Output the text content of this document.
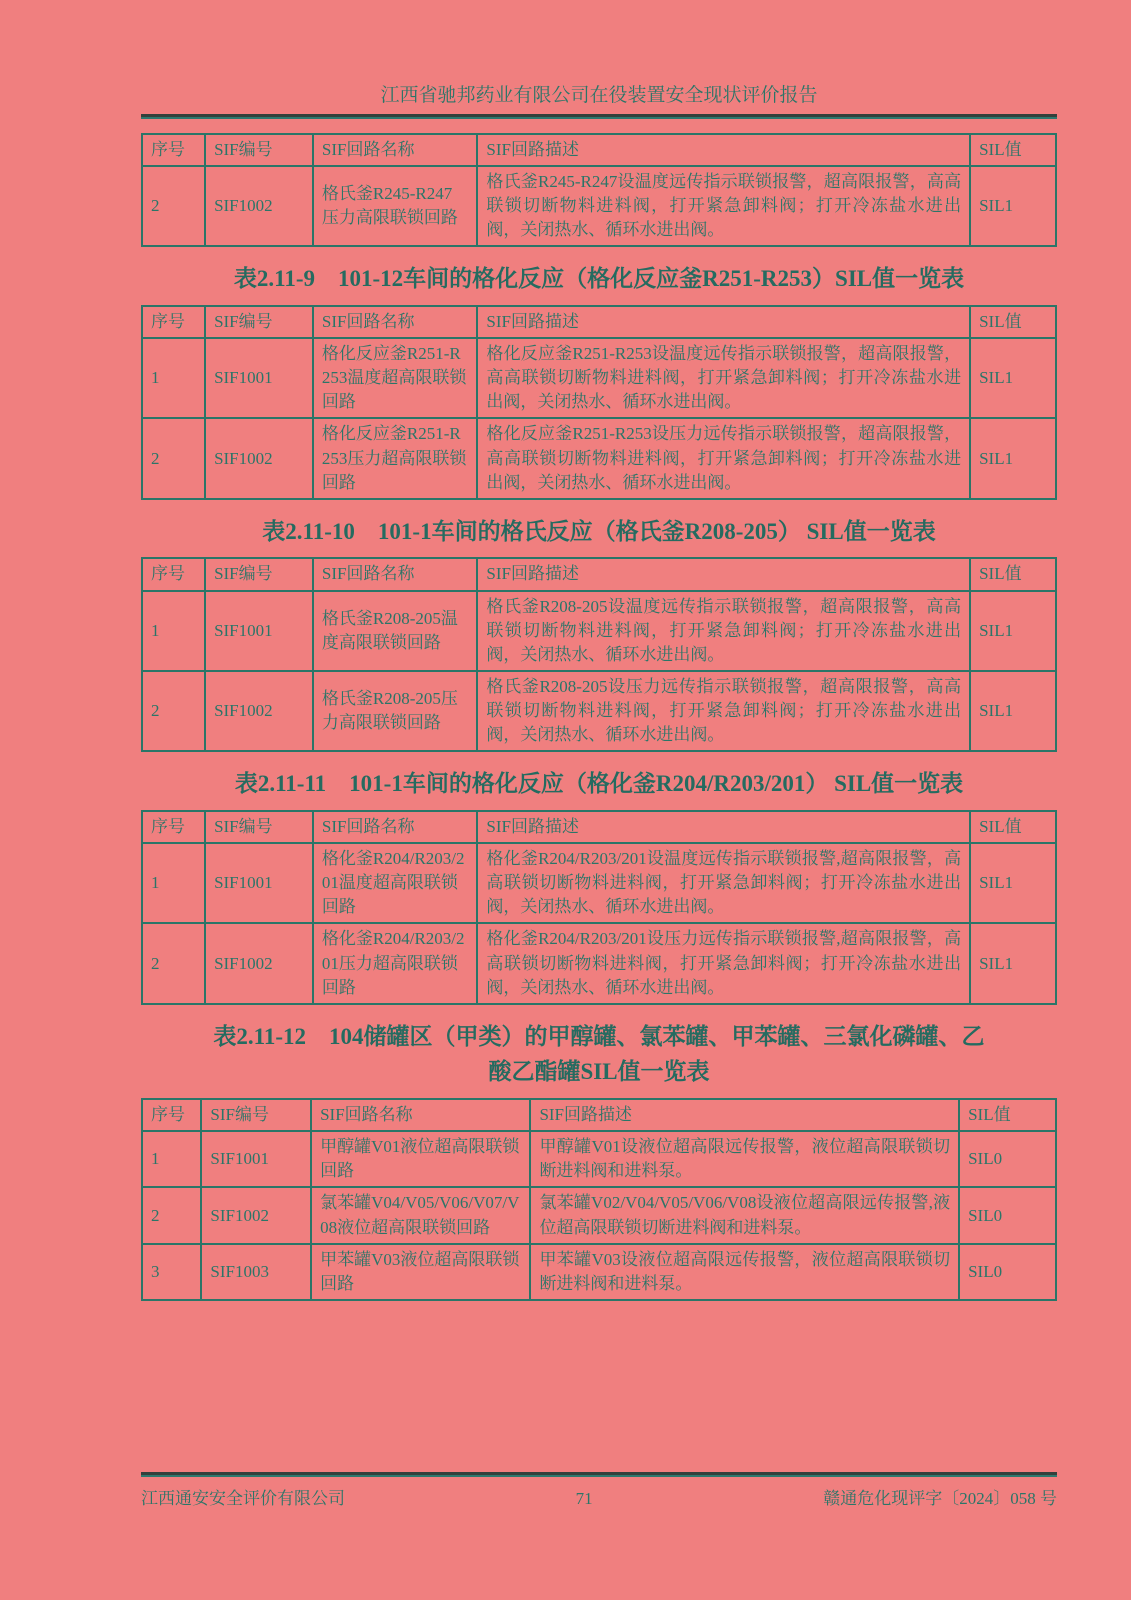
江西省驰邦药业有限公司在役装置安全现状评价报告
序号	SIF编号	SIF回路名称	SIF回路描述	SIL值
2	SIF1002	格氏釜R245-R247压力高限联锁回路	格氏釜R245-R247设温度远传指示联锁报警，超高限报警，高高联锁切断物料进料阀，打开紧急卸料阀；打开冷冻盐水进出阀，关闭热水、循环水进出阀。	SIL1
表2.11-9　101-12车间的格化反应（格化反应釜R251-R253）SIL值一览表
序号	SIF编号	SIF回路名称	SIF回路描述	SIL值
1	SIF1001	格化反应釜R251-R253温度超高限联锁回路	格化反应釜R251-R253设温度远传指示联锁报警，超高限报警，高高联锁切断物料进料阀，打开紧急卸料阀；打开冷冻盐水进出阀，关闭热水、循环水进出阀。	SIL1
2	SIF1002	格化反应釜R251-R253压力超高限联锁回路	格化反应釜R251-R253设压力远传指示联锁报警，超高限报警，高高联锁切断物料进料阀，打开紧急卸料阀；打开冷冻盐水进出阀，关闭热水、循环水进出阀。	SIL1
表2.11-10　101-1车间的格氏反应（格氏釜R208-205） SIL值一览表
序号	SIF编号	SIF回路名称	SIF回路描述	SIL值
1	SIF1001	格氏釜R208-205温度高限联锁回路	格氏釜R208-205设温度远传指示联锁报警，超高限报警，高高联锁切断物料进料阀，打开紧急卸料阀；打开冷冻盐水进出阀，关闭热水、循环水进出阀。	SIL1
2	SIF1002	格氏釜R208-205压力高限联锁回路	格氏釜R208-205设压力远传指示联锁报警，超高限报警，高高联锁切断物料进料阀，打开紧急卸料阀；打开冷冻盐水进出阀，关闭热水、循环水进出阀。	SIL1
表2.11-11　101-1车间的格化反应（格化釜R204/R203/201） SIL值一览表
序号	SIF编号	SIF回路名称	SIF回路描述	SIL值
1	SIF1001	格化釜R204/R203/201温度超高限联锁回路	格化釜R204/R203/201设温度远传指示联锁报警,超高限报警，高高联锁切断物料进料阀，打开紧急卸料阀；打开冷冻盐水进出阀，关闭热水、循环水进出阀。	SIL1
2	SIF1002	格化釜R204/R203/201压力超高限联锁回路	格化釜R204/R203/201设压力远传指示联锁报警,超高限报警，高高联锁切断物料进料阀，打开紧急卸料阀；打开冷冻盐水进出阀，关闭热水、循环水进出阀。	SIL1
表2.11-12　104储罐区（甲类）的甲醇罐、氯苯罐、甲苯罐、三氯化磷罐、乙酸乙酯罐SIL值一览表
序号	SIF编号	SIF回路名称	SIF回路描述	SIL值
1	SIF1001	甲醇罐V01液位超高限联锁回路	甲醇罐V01设液位超高限远传报警，液位超高限联锁切断进料阀和进料泵。	SIL0
2	SIF1002	氯苯罐V04/V05/V06/V07/V08液位超高限联锁回路	氯苯罐V02/V04/V05/V06/V08设液位超高限远传报警,液位超高限联锁切断进料阀和进料泵。	SIL0
3	SIF1003	甲苯罐V03液位超高限联锁回路	甲苯罐V03设液位超高限远传报警，液位超高限联锁切断进料阀和进料泵。	SIL0
江西通安安全评价有限公司	71	赣通危化现评字〔2024〕058 号
